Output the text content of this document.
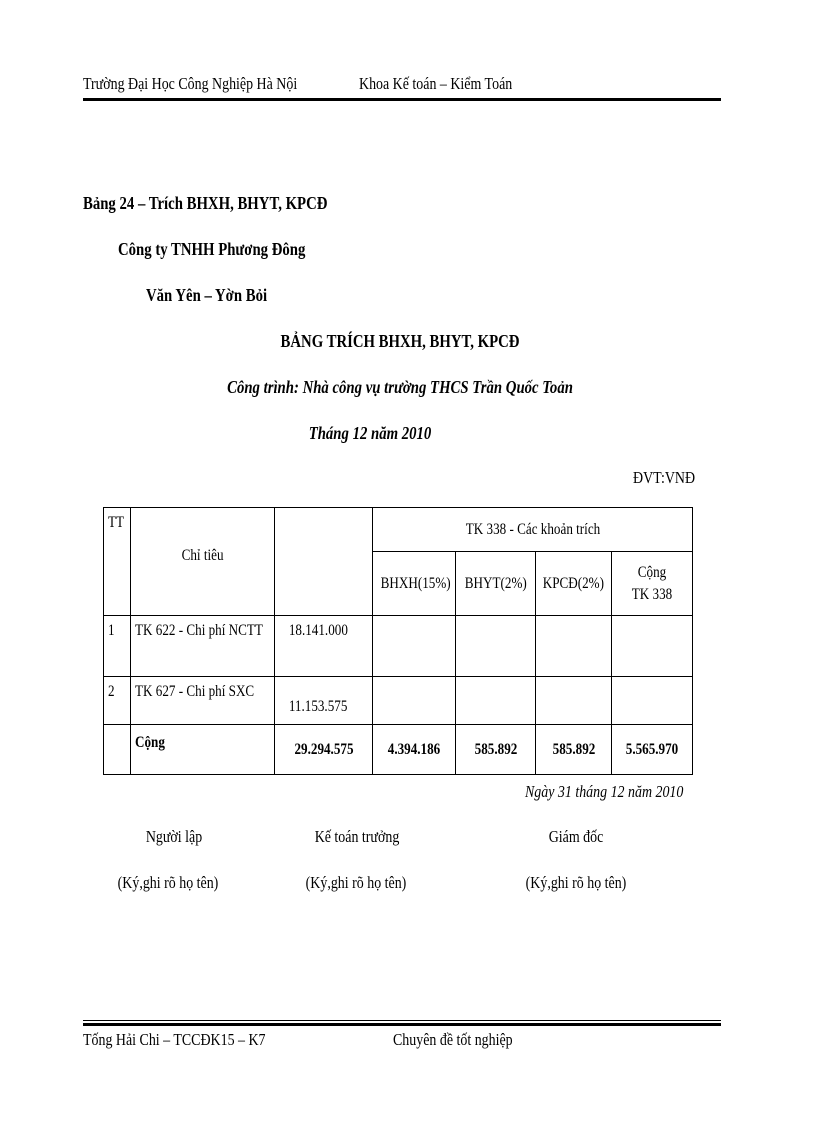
Trường Đại Học Công Nghiệp Hà Nội	Khoa Kế toán – Kiểm Toán
Bảng 24 – Trích BHXH, BHYT, KPCĐ
Công ty TNHH Phương Đông
Văn Yên – Yờn Bỏi
BẢNG TRÍCH BHXH, BHYT, KPCĐ
Công trình: Nhà công vụ trường THCS Trần Quốc Toản
Tháng 12 năm 2010
ĐVT:VNĐ
TT	Chỉ tiêu		TK 338 - Các khoản trích			
			BHXH(15%)	BHYT(2%)	KPCĐ(2%)	Cộng TK 338
1	TK 622 - Chi phí NCTT	18.141.000				
2	TK 627 - Chi phí SXC	11.153.575				
	Cộng	29.294.575	4.394.186	585.892	585.892	5.565.970
Ngày 31 tháng 12 năm 2010
Người lập	Kế toán trưởng	Giám đốc
(Ký,ghi rõ họ tên)	(Ký,ghi rõ họ tên)	(Ký,ghi rõ họ tên)
Tống Hải Chi – TCCĐK15 – K7	Chuyên đề tốt nghiệp
